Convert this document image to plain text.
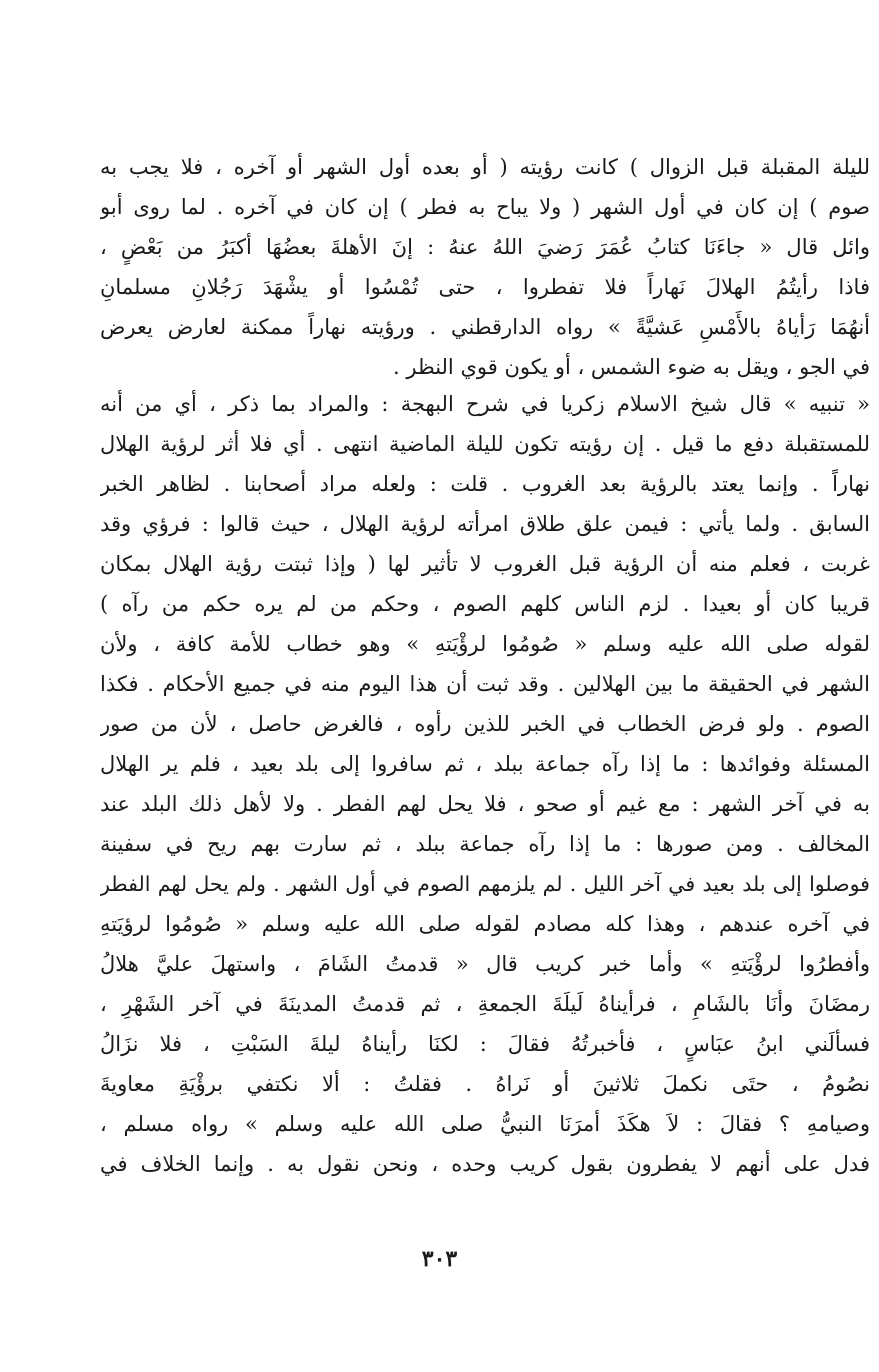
لليلة المقبلة قبل الزوال ) كانت رؤيته ( أو بعده أول الشهر أو آخره ، فلا يجب به
صوم ) إن كان في أول الشهر ( ولا يباح به فطر ) إن كان في آخره . لما روى أبو
وائل قال « جاءَنَا كتابُ عُمَرَ رَضيَ اللهُ عنهُ : إنَ الأهلةَ بعضُهَا أكبَرُ من بَعْضٍ ،
فاذا رأيتُمُ الهلالَ نَهاراً فلا تفطروا ، حتى تُمْسُوا أو يشْهَدَ رَجُلانِ مسلمانِ
أنهُمَا رَأياهُ بالأَمْسِ عَشيَّةً » رواه الدارقطني . ورؤيته نهاراً ممكنة لعارض يعرض
في الجو ، ويقل به ضوء الشمس ، أو يكون قوي النظر .
« تنبيه » قال شيخ الاسلام زكريا في شرح البهجة : والمراد بما ذكر ، أي من أنه
للمستقبلة دفع ما قيل . إن رؤيته تكون لليلة الماضية انتهى . أي فلا أثر لرؤية الهلال
نهاراً . وإنما يعتد بالرؤية بعد الغروب . قلت : ولعله مراد أصحابنا . لظاهر الخبر
السابق . ولما يأتي : فيمن علق طلاق امرأته لرؤية الهلال ، حيث قالوا : فرؤي وقد
غربت ، فعلم منه أن الرؤية قبل الغروب لا تأثير لها ( وإذا ثبتت رؤية الهلال بمكان
قريبا كان أو بعيدا . لزم الناس كلهم الصوم ، وحكم من لم يره حكم من رآه )
لقوله صلى الله عليه وسلم « صُومُوا لرؤْيَتهِ » وهو خطاب للأمة كافة ، ولأن
الشهر في الحقيقة ما بين الهلالين . وقد ثبت أن هذا اليوم منه في جميع الأحكام . فكذا
الصوم . ولو فرض الخطاب في الخبر للذين رأوه ، فالغرض حاصل ، لأن من صور
المسئلة وفوائدها : ما إذا رآه جماعة ببلد ، ثم سافروا إلى بلد بعيد ، فلم ير الهلال
به في آخر الشهر : مع غيم أو صحو ، فلا يحل لهم الفطر . ولا لأهل ذلك البلد عند
المخالف . ومن صورها : ما إذا رآه جماعة ببلد ، ثم سارت بهم ريح في سفينة
فوصلوا إلى بلد بعيد في آخر الليل . لم يلزمهم الصوم في أول الشهر . ولم يحل لهم الفطر
في آخره عندهم ، وهذا كله مصادم لقوله صلى الله عليه وسلم « صُومُوا لرؤيَتهِ
وأفطرُوا لرؤْيَتهِ » وأما خبر كريب قال « قدمتُ الشَامَ ، واستهلَ عليَّ هلالُ
رمضَانَ وأنَا بالشَامِ ، فرأيناهُ لَيلَةَ الجمعةِ ، ثم قدمتُ المدينَةَ في آخر الشَهْرِ ،
فسألَني ابنُ عبَاسٍ ، فأخبرتُهُ فقالَ : لكنَا رأيناهُ ليلةَ السَبْتِ ، فلا نزَالُ
نصُومُ ، حتَى نكملَ ثلاثينَ أو نَراهُ . فقلتُ : ألا نكتفي برؤْيَةِ معاويةَ
وصيامهِ ؟ فقالَ : لاَ هكَذَ أمرَنَا النبيُّ صلى الله عليه وسلم » رواه مسلم ،
فدل على أنهم لا يفطرون بقول كريب وحده ، ونحن نقول به . وإنما الخلاف في
٣٠٣
